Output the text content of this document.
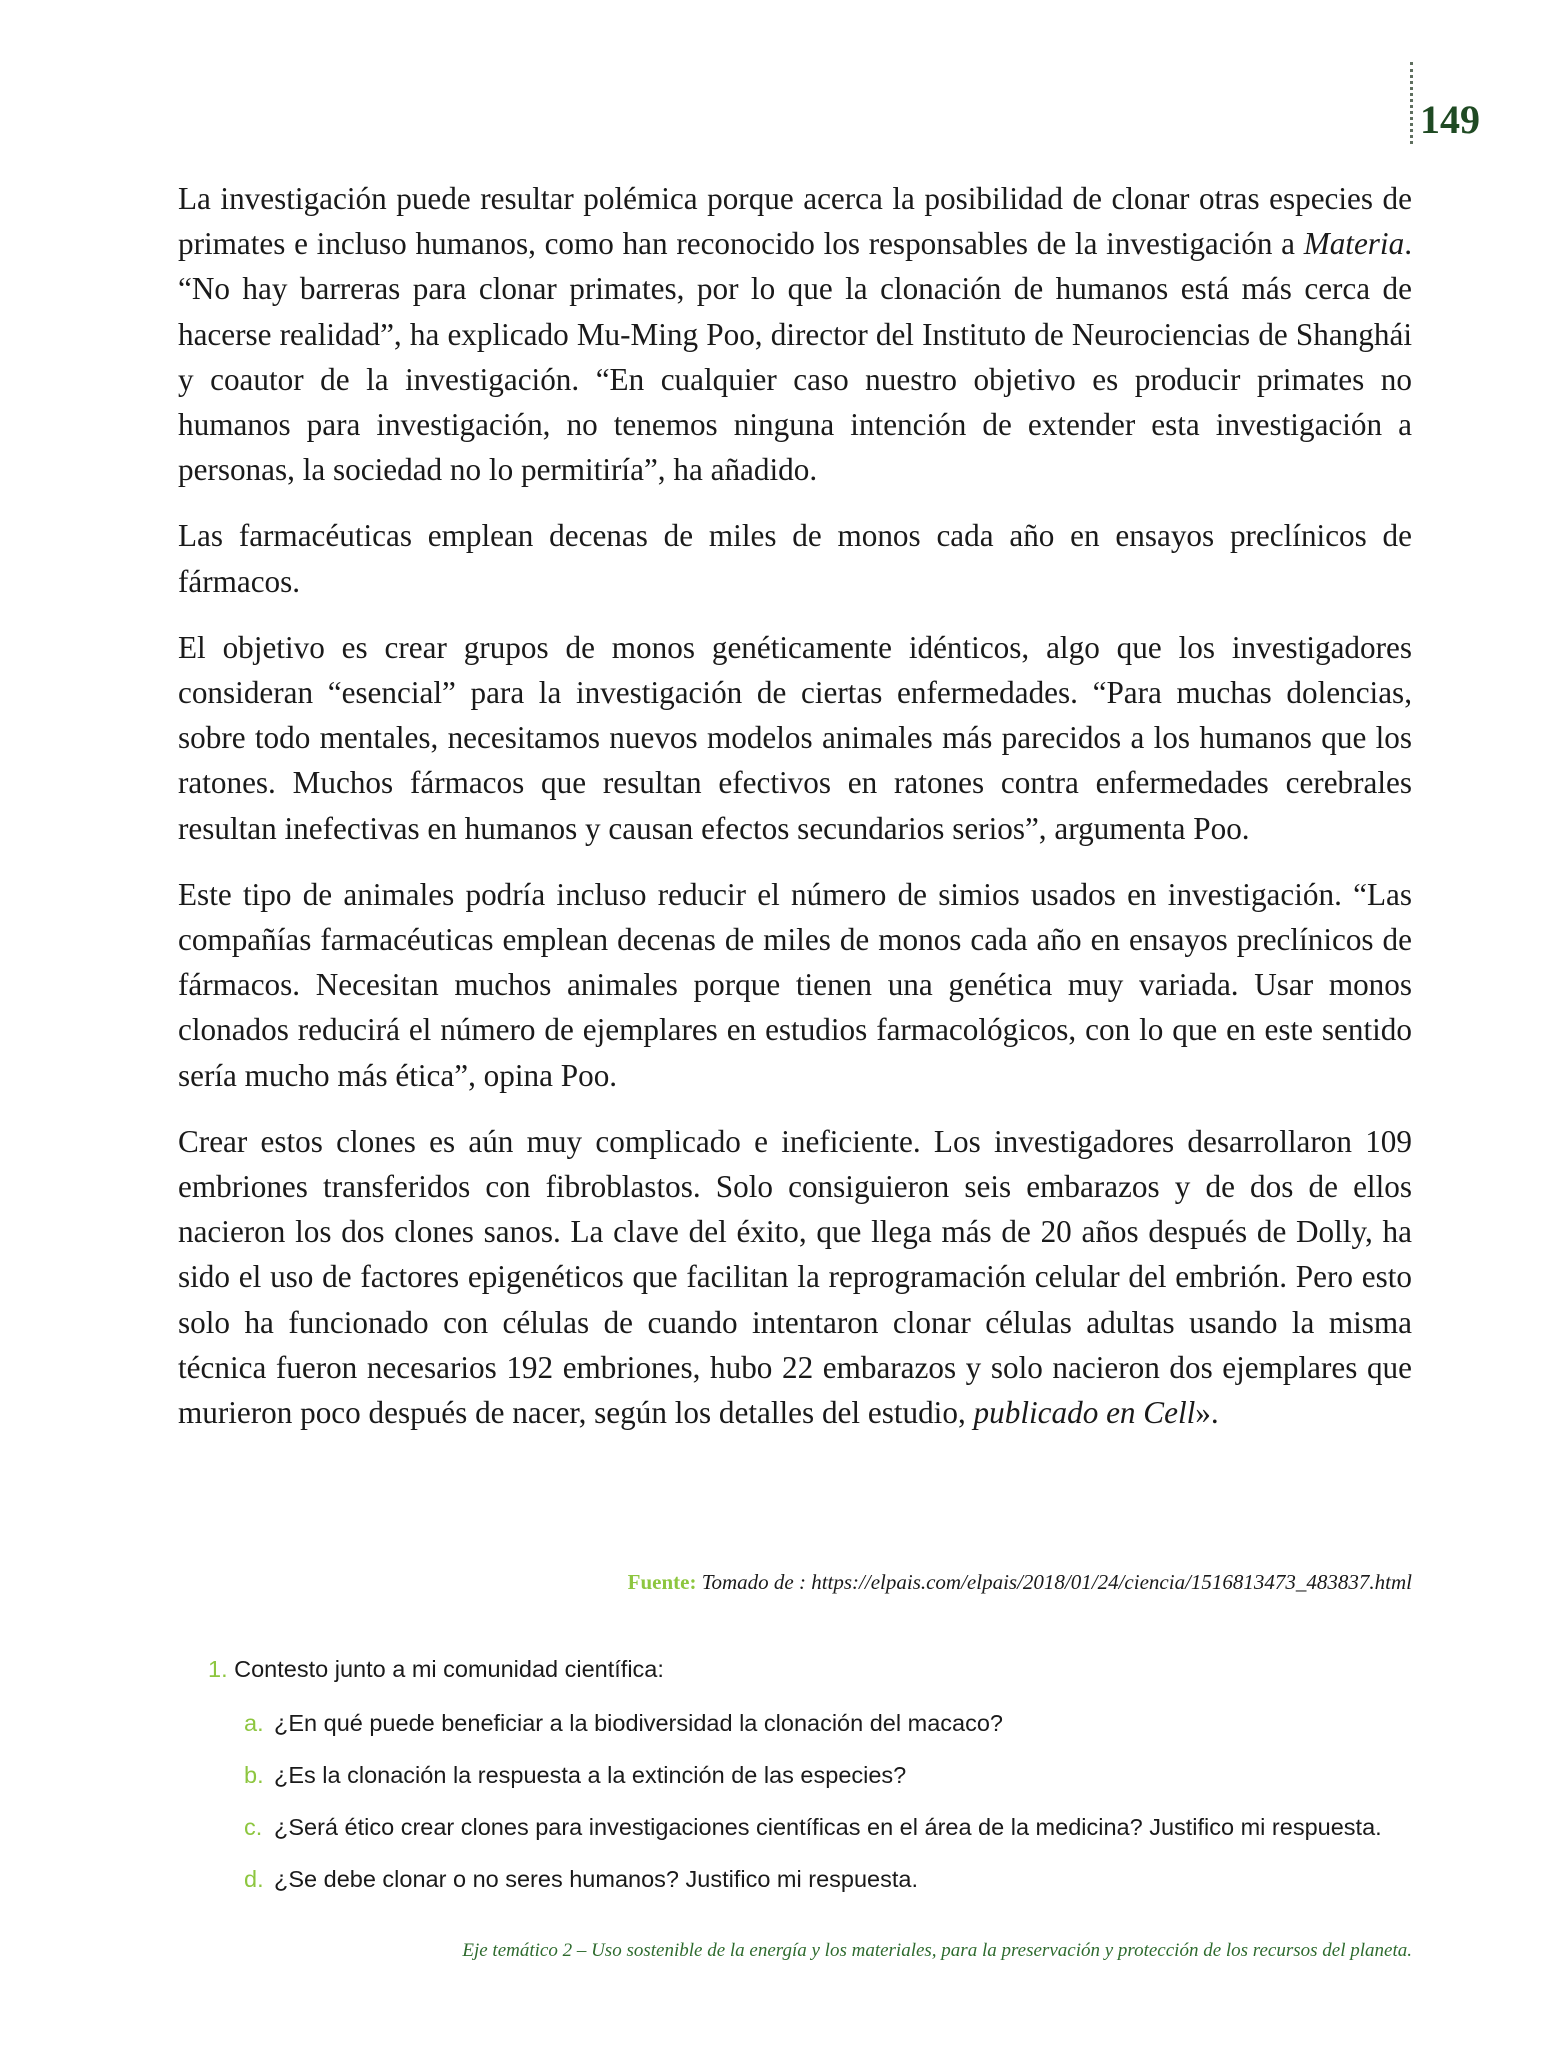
149

La investigación puede resultar polémica porque acerca la posibilidad de clonar otras especies de primates e incluso humanos, como han reconocido los responsables de la investigación a Materia. “No hay barreras para clonar primates, por lo que la clonación de humanos está más cerca de hacerse realidad”, ha explicado Mu-Ming Poo, director del Instituto de Neurociencias de Shanghái y coautor de la investigación. “En cualquier caso nuestro objetivo es producir primates no humanos para investigación, no tenemos ninguna intención de extender esta investigación a personas, la sociedad no lo permitiría”, ha añadido.

Las farmacéuticas emplean decenas de miles de monos cada año en ensayos preclínicos de fármacos.

El objetivo es crear grupos de monos genéticamente idénticos, algo que los investigadores consideran “esencial” para la investigación de ciertas enfermedades. “Para muchas dolencias, sobre todo mentales, necesitamos nuevos modelos animales más parecidos a los humanos que los ratones. Muchos fármacos que resultan efectivos en ratones contra enfermedades cerebrales resultan inefectivas en humanos y causan efectos secundarios serios”, argumenta Poo.

Este tipo de animales podría incluso reducir el número de simios usados en investigación. “Las compañías farmacéuticas emplean decenas de miles de monos cada año en ensayos preclínicos de fármacos. Necesitan muchos animales porque tienen una genética muy variada. Usar monos clonados reducirá el número de ejemplares en estudios farmacológicos, con lo que en este sentido sería mucho más ética”, opina Poo.

Crear estos clones es aún muy complicado e ineficiente. Los investigadores desarrollaron 109 embriones transferidos con fibroblastos. Solo consiguieron seis embarazos y de dos de ellos nacieron los dos clones sanos. La clave del éxito, que llega más de 20 años después de Dolly, ha sido el uso de factores epigenéticos que facilitan la reprogramación celular del embrión. Pero esto solo ha funcionado con células de cuando intentaron clonar células adultas usando la misma técnica fueron necesarios 192 embriones, hubo 22 embarazos y solo nacieron dos ejemplares que murieron poco después de nacer, según los detalles del estudio, publicado en Cell».

Fuente: Tomado de : https://elpais.com/elpais/2018/01/24/ciencia/1516813473_483837.html
1. Contesto junto a mi comunidad científica:
a. ¿En qué puede beneficiar a la biodiversidad la clonación del macaco?
b. ¿Es la clonación la respuesta a la extinción de las especies?
c. ¿Será ético crear clones para investigaciones científicas en el área de la medicina? Justifico mi respuesta.
d. ¿Se debe clonar o no seres humanos? Justifico mi respuesta.
Eje temático 2 – Uso sostenible de la energía y los materiales, para la preservación y protección de los recursos del planeta.
